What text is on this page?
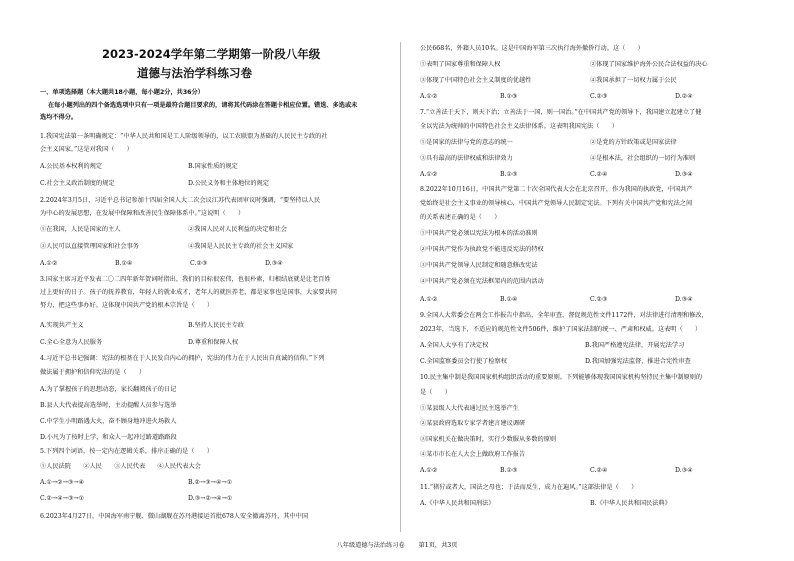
2023-2024学年第二学期第一阶段八年级
道德与法治学科练习卷
一、单项选择题（本大题共18小题，每小题2分，共36分）
在每小题列出的四个备选选项中只有一项是最符合题目要求的，请将其代码涂在答题卡相应位置。错选、多选或未
选均不得分。
1.我国宪法第一条明确规定：“中华人民共和国是工人阶级领导的，以工农联盟为基础的人民民主专政的社
会主义国家。”这是对我国（　　）
A.公民基本权利的规定	B.国家性质的规定
C.社会主义政治制度的规定	D.公民义务和主体地位的规定
2.2024年3月5日，习近平总书记参加十四届全国人大二次会议江苏代表团审议时强调，“要坚持以人民
为中心的发展思想，在发展中保障和改善民生保障体系中。”这说明（　　）
①在我国，人民是国家的主人	②我国人民对人民利益的决定和社会
③人民可以直接管理国家和社会事务	④我国是人民民主专政的社会主义国家
A.①②	B.①④	C.②③	D.③④
3.国家主席习近平发表二〇二四年新年贺词时指出，我们的目标很宏伟，也很朴素，归根结底就是让老百姓
过上更好的日子。孩子的抚养教育，年轻人的就业成才，老年人的就医养老，都是家事也是国事，大家要共同
努力，把这些事办好。这体现中国共产党的根本宗旨是（　　）
A.实现共产主义	B.坚持人民民主专政
C.全心全意为人民服务	D.尊重和保障人权
4.习近平总书记强调：宪法的根基在于人民发自内心的拥护，宪法的伟力在于人民出自真诚的信仰。”下列
做法属于拥护和信仰宪法的是（　　）
A.为了掌握孩子的思想动态，家长翻阅孩子的日记
B.县人大代表提高选举时，主动提醒人员参与选举
C.中学生小明路遇大火，奋不顾身地冲进火场救人
D.小凡为了按时上学，和众人一起冲过路道路路段
5.下列四个词语，按一定内在逻辑关系，排序正确的是（　　）
①人民法院　　②人民　　③人民代表　　④人民代表大会
A.①→②→③→④	B.②→③→④→①
C.②→④→③→①	D.③→②→④→①
6.2023年4月27日，中国海军南宁舰、微山湖舰在苏丹港接运首批678人安全撤离苏丹，其中中国
公民668名，外籍人员10名。这是中国海军第三次执行海外撤侨行动。这（　　）
①表明了国家尊重和保障人权	②体现了国家维护海外公民合法权益的决心
③体现了中国特色社会主义制度的优越性	④我国承担了一切权力属于公民
A.①②	B.①③	C.②③	D.②④
7.“立善法于天下，则天下治；立善法于一国，则一国治。”在中国共产党的领导下，我国建立起建立了健
全以宪法为统帅的中国特色社会主义法律体系。这表明我国宪法（　　）
①是国家的法律与党的意志的统一	②是党的方针政策或是国家法律
③具有最高的法律权威和法律效力	④是根本法，社会组织的一切行为准则
A.①②	B.①③	C.②④	D.③④
8.2022年10月16日，中国共产党第二十次全国代表大会在北京召开，作为我国的执政党，中国共产
党始终是社会主义事业的领导核心，中国共产党领导人民制定宪法。下列有关中国共产党和宪法之间
的关系表述正确的是（　　）
①中国共产党必须以宪法为根本的活动准则
②中国共产党作为执政党不能违反宪法的特权
③中国共产党领导人民制定和随意修改宪法
④中国共产党必须在宪法框架内的范围内活动
A.①②	B.①④	C.②③	D.③④
9.全国人大常委会在两会工作报告中指出，全年审查、督促规范性文件1172件，对法律进行清理和修改，
2023年，当选下，不适应的规范性文件506件，维护了国家法制的统一、严肃和权威。这表明（　　）
A.全国人大享有了决定权	B.我国严格遵宪法律，开展宪法学习
C.全国监察委员会行使了检察权	D.我国加强宪法监督，推进合宪性审查
10.民主集中制是我国国家机构组织活动的重要原则。下列能够体现我国国家机构坚持民主集中制原则的
是（　　）
①某县级人大代表通过民主选举产生
②某县政府选取专家学者建言建议调研
③国家机关在做决策时，实行少数服从多数的原则
④某市市长在人大会上做政府工作报告
A.①②	B.①③	C.②④	D.③④
11.“猪狞或者大，国法之母也；于法而反生，成力在遍风。”这部法律是（　　）
A.《中华人民共和国刑法》	B.《中华人民共和国民法典》
八年级道德与法治练习卷 第1页，共3页
